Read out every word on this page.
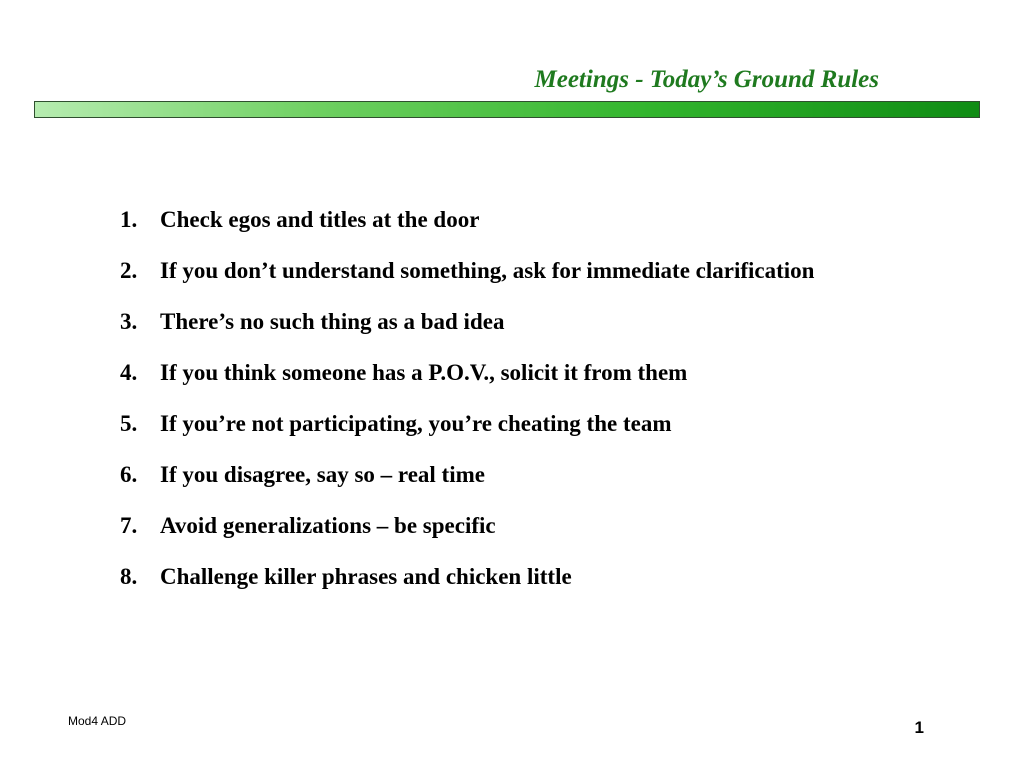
Meetings - Today’s Ground Rules
1. Check egos and titles at the door
2. If you don’t understand something, ask for immediate clarification
3. There’s no such thing as a bad idea
4. If you think someone has a P.O.V., solicit it from them
5. If you’re not participating, you’re cheating the team
6. If you disagree, say so – real time
7. Avoid generalizations – be specific
8. Challenge killer phrases and chicken little
Mod4 ADD	1
